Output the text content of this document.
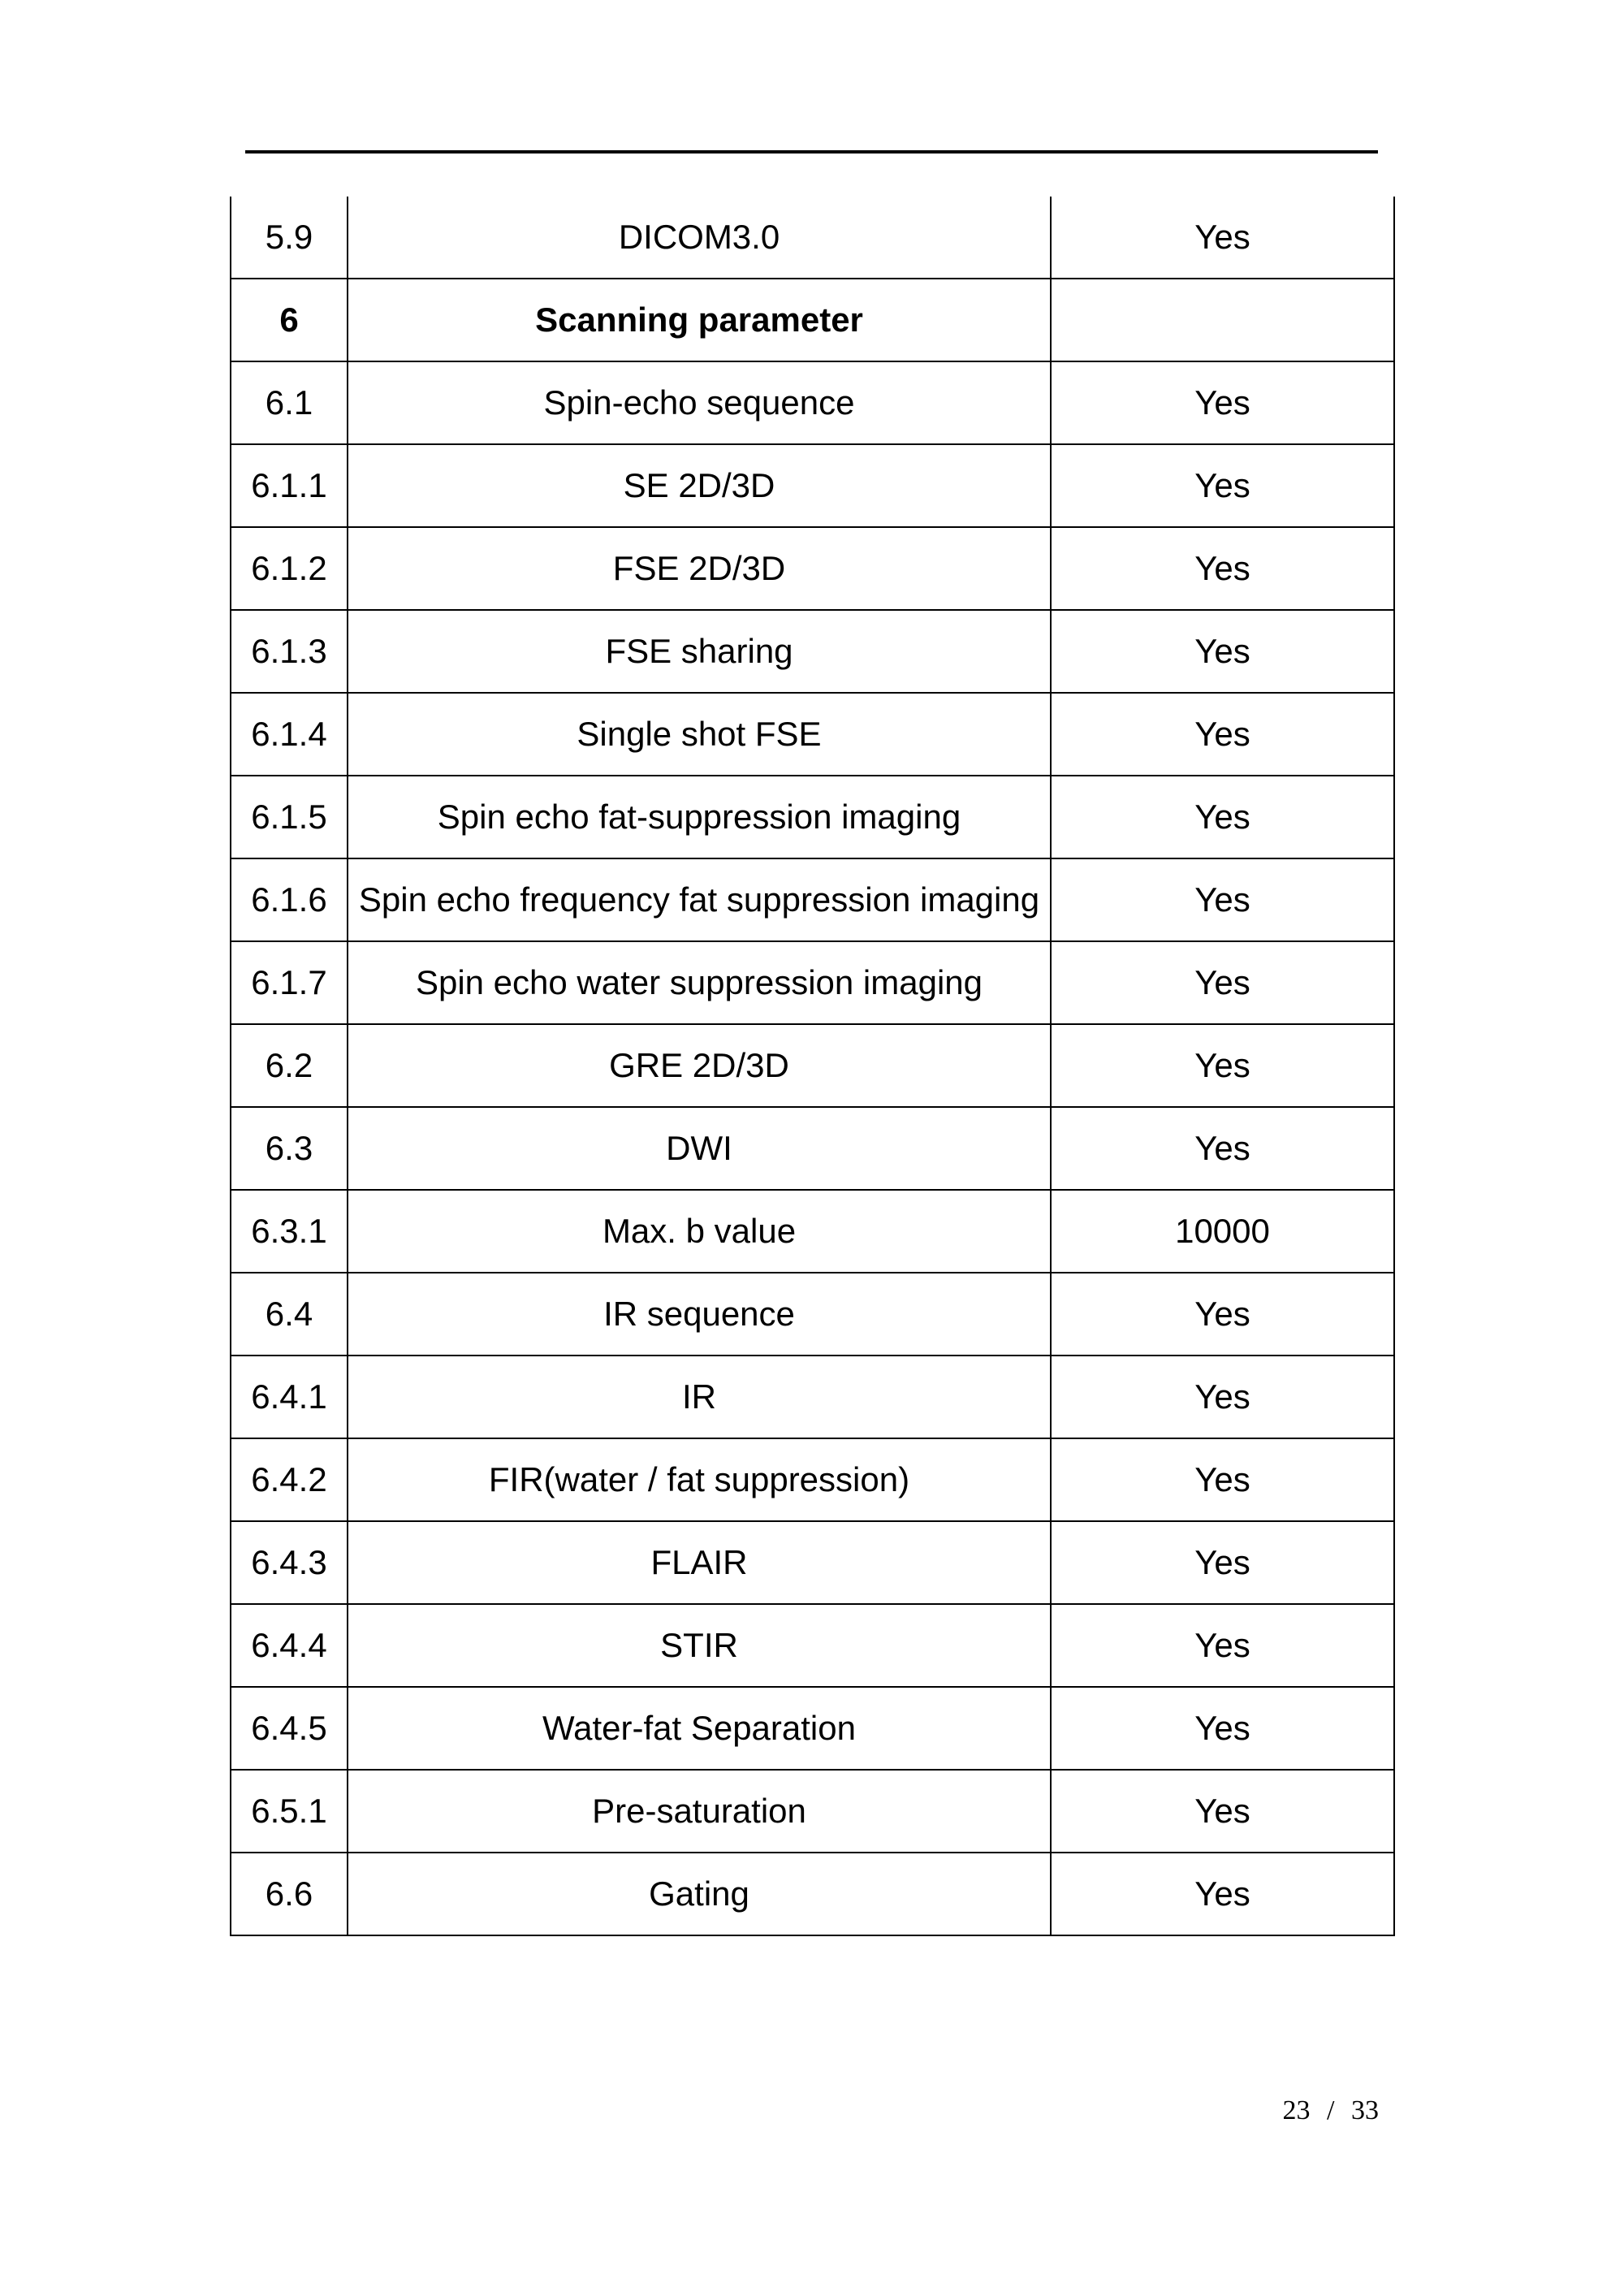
5.9	DICOM3.0	Yes
6	Scanning parameter	
6.1	Spin-echo sequence	Yes
6.1.1	SE 2D/3D	Yes
6.1.2	FSE 2D/3D	Yes
6.1.3	FSE sharing	Yes
6.1.4	Single shot FSE	Yes
6.1.5	Spin echo fat-suppression imaging	Yes
6.1.6	Spin echo frequency fat suppression imaging	Yes
6.1.7	Spin echo water suppression imaging	Yes
6.2	GRE 2D/3D	Yes
6.3	DWI	Yes
6.3.1	Max. b value	10000
6.4	IR sequence	Yes
6.4.1	IR	Yes
6.4.2	FIR(water / fat suppression)	Yes
6.4.3	FLAIR	Yes
6.4.4	STIR	Yes
6.4.5	Water-fat Separation	Yes
6.5.1	Pre-saturation	Yes
6.6	Gating	Yes
23 / 33
